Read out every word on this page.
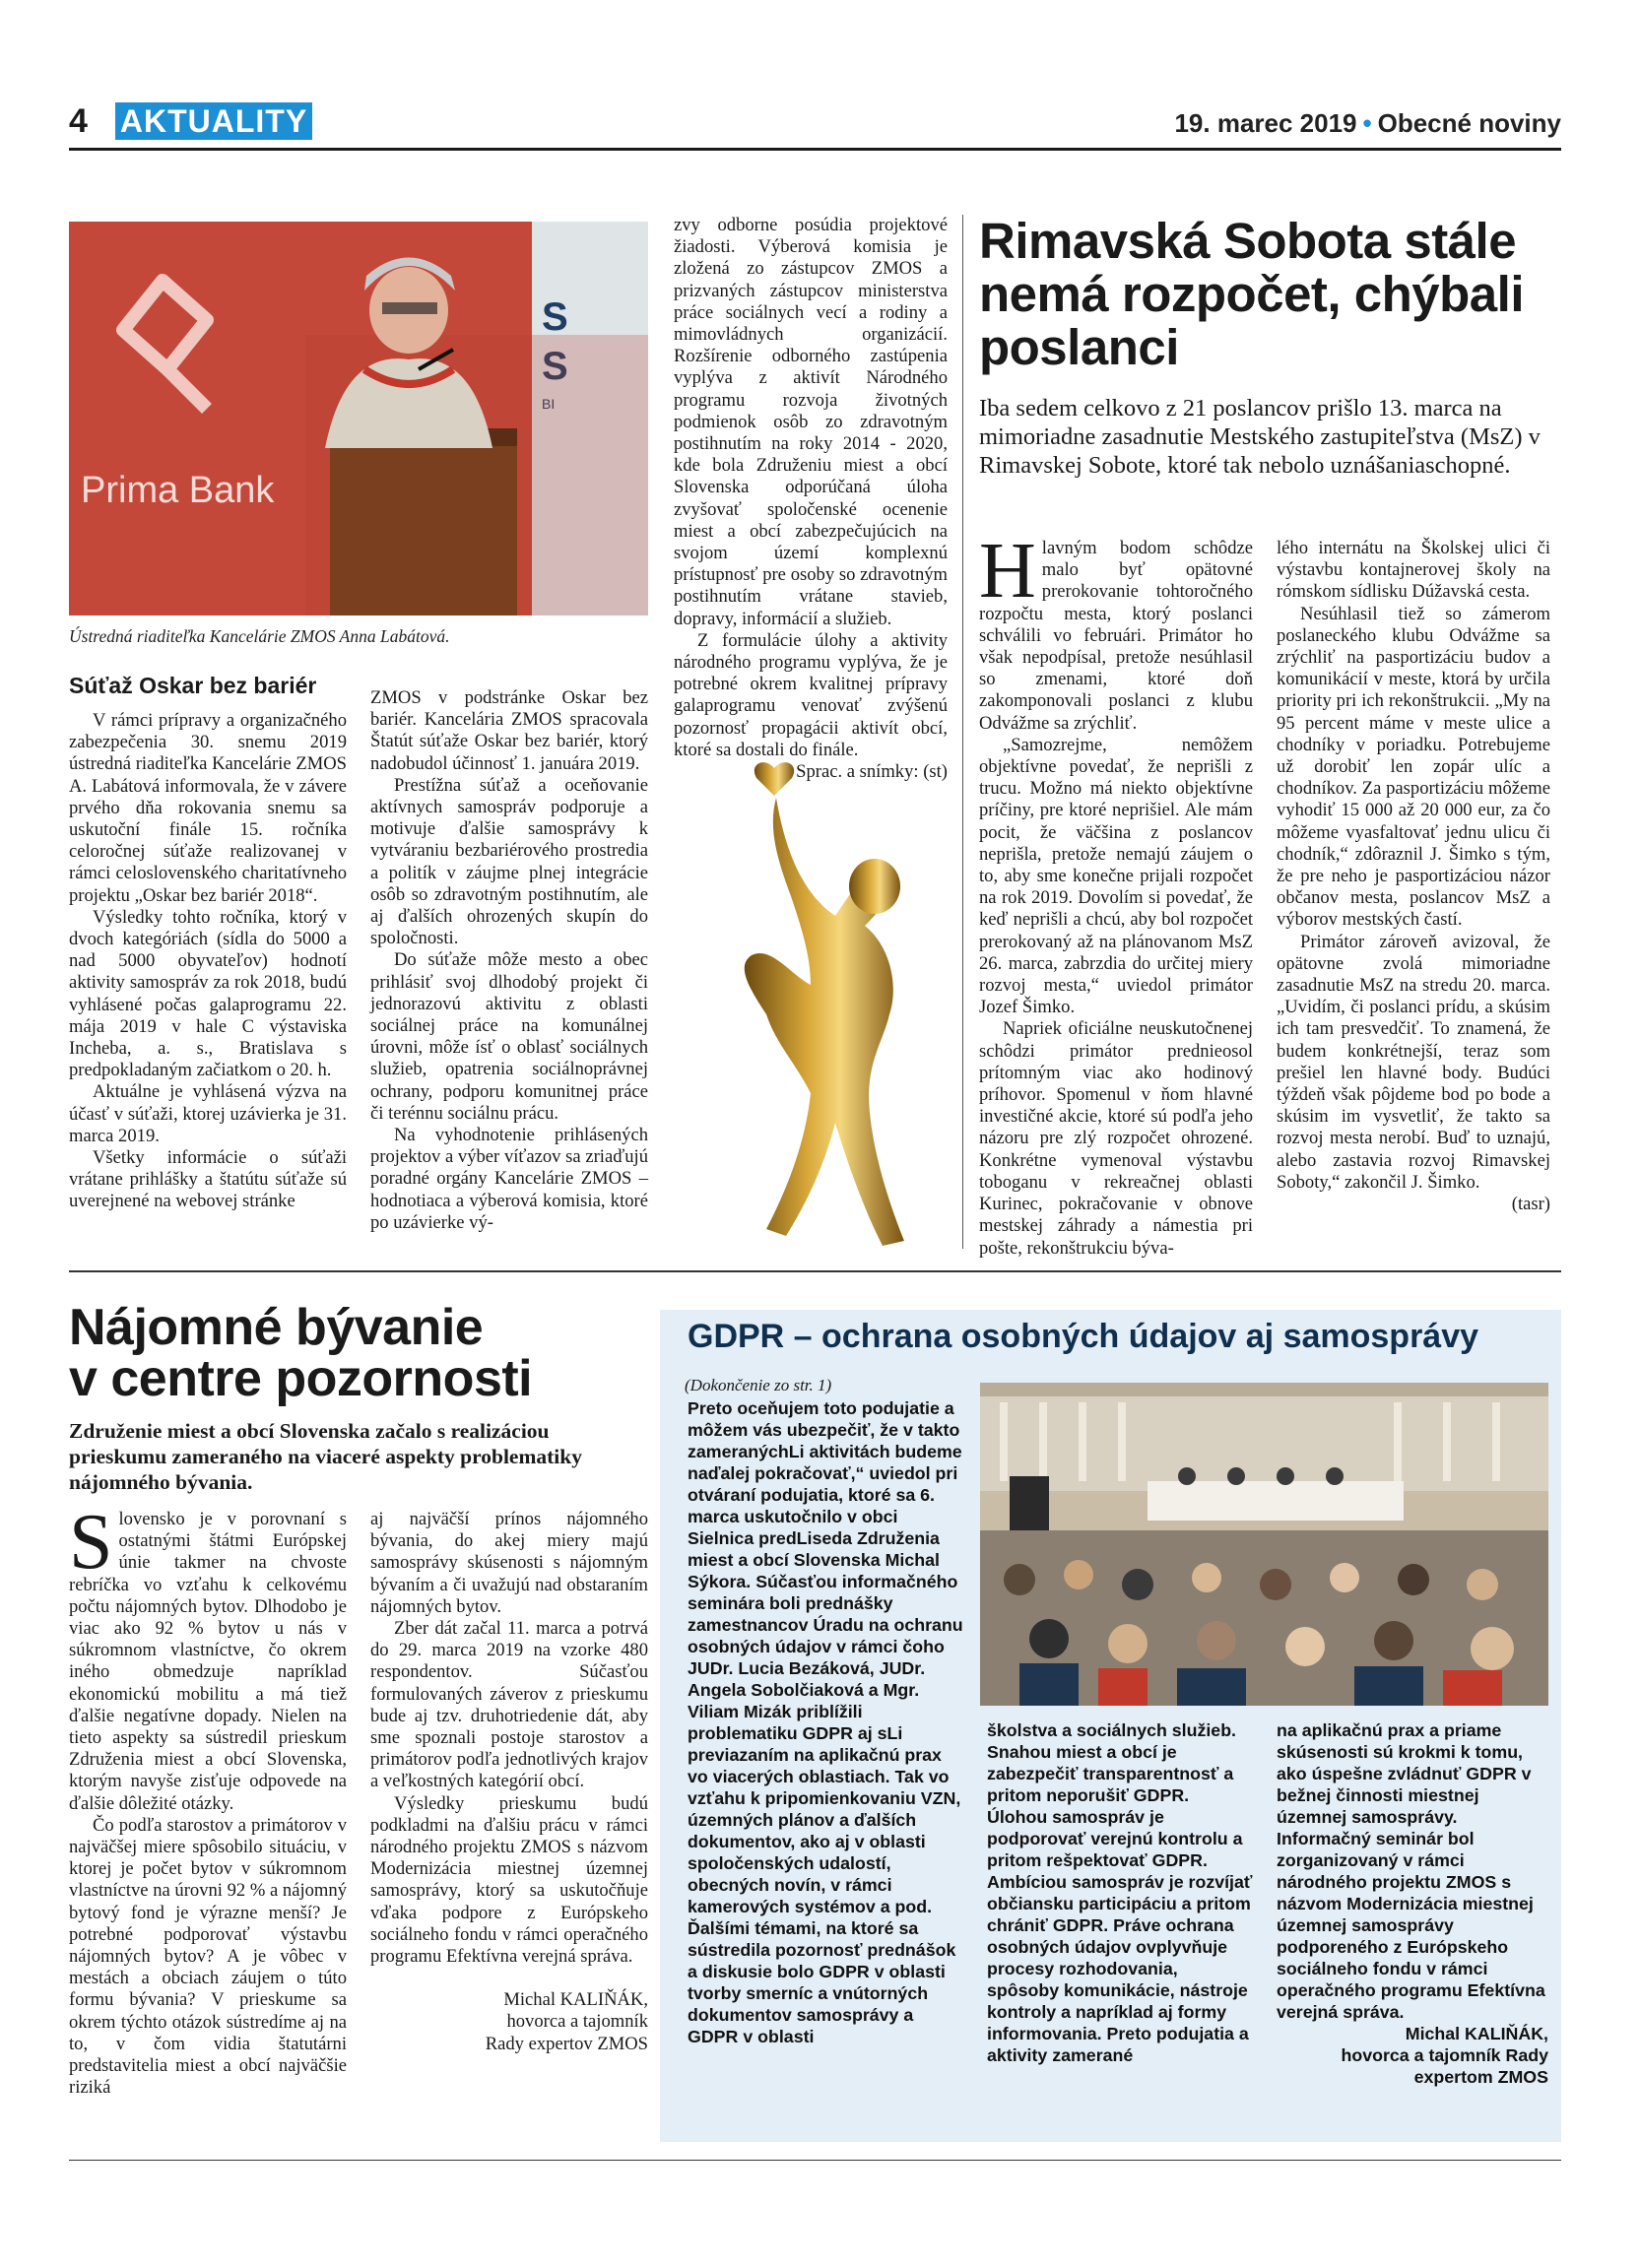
4 AKTUALITY	19. marec 2019 • Obecné noviny
S
S
BI
Prima Bank
Ústredná riaditeľka Kancelárie ZMOS Anna Labátová.
Súťaž Oskar bez bariér

V rámci prípravy a organizačného zabezpečenia 30. snemu 2019 ústredná riaditeľka Kancelárie ZMOS A. Labátová informovala, že v závere prvého dňa rokovania snemu sa uskutoční finále 15. ročníka celoročnej súťaže realizovanej v rámci celoslovenského charitatívneho projektu „Oskar bez bariér 2018“.

Výsledky tohto ročníka, ktorý v dvoch kategóriách (sídla do 5000 a nad 5000 obyvateľov) hodnotí aktivity samospráv za rok 2018, budú vyhlásené počas galaprogramu 22. mája 2019 v hale C výstaviska Incheba, a. s., Bratislava s predpokladaným začiatkom o 20. h.

Aktuálne je vyhlásená výzva na účasť v súťaži, ktorej uzávierka je 31. marca 2019.

Všetky informácie o súťaži vrátane prihlášky a štatútu súťaže sú uverejnené na webovej stránke

ZMOS v podstránke Oskar bez bariér. Kancelária ZMOS spracovala Štatút súťaže Oskar bez bariér, ktorý nadobudol účinnosť 1. januára 2019.

Prestížna súťaž a oceňovanie aktívnych samospráv podporuje a motivuje ďalšie samosprávy k vytváraniu bezbariérového prostredia a politík v záujme plnej integrácie osôb so zdravotným postihnutím, ale aj ďalších ohrozených skupín do spoločnosti.

Do súťaže môže mesto a obec prihlásiť svoj dlhodobý projekt či jednorazovú aktivitu z oblasti sociálnej práce na komunálnej úrovni, môže ísť o oblasť sociálnych služieb, opatrenia sociálnoprávnej ochrany, podporu komunitnej práce či terénnu sociálnu prácu.

Na vyhodnotenie prihlásených projektov a výber víťazov sa zriaďujú poradné orgány Kancelárie ZMOS – hodnotiaca a výberová komisia, ktoré po uzávierke vý-

zvy odborne posúdia projektové žiadosti. Výberová komisia je zložená zo zástupcov ZMOS a prizvaných zástupcov ministerstva práce sociálnych vecí a rodiny a mimovládnych organizácií. Rozšírenie odborného zastúpenia vyplýva z aktivít Národného programu rozvoja životných podmienok osôb zo zdravotným postihnutím na roky 2014 - 2020, kde bola Združeniu miest a obcí Slovenska odporúčaná úloha zvyšovať spoločenské ocenenie miest a obcí zabezpečujúcich na svojom území komplexnú prístupnosť pre osoby so zdravotným postihnutím vrátane stavieb, dopravy, informácií a služieb.

Z formulácie úlohy a aktivity národného programu vyplýva, že je potrebné okrem kvalitnej prípravy galaprogramu venovať zvýšenú pozornosť propagácii aktivít obcí, ktoré sa dostali do finále.

Sprac. a snímky: (st)

Rimavská Sobota stále nemá rozpočet, chýbali poslanci
Iba sedem celkovo z 21 poslancov prišlo 13. marca na mimoriadne zasadnutie Mestského zastupiteľstva (MsZ) v Rimavskej Sobote, ktoré tak nebolo uznášaniaschopné.

Hlavným bodom schôdze malo byť opätovné prerokovanie tohtoročného rozpočtu mesta, ktorý poslanci schválili vo februári. Primátor ho však nepodpísal, pretože nesúhlasil so zmenami, ktoré doň zakomponovali poslanci z klubu Odvážme sa zrýchliť.

„Samozrejme, nemôžem objektívne povedať, že neprišli z trucu. Možno má niekto objektívne príčiny, pre ktoré neprišiel. Ale mám pocit, že väčšina z poslancov neprišla, pretože nemajú záujem o to, aby sme konečne prijali rozpočet na rok 2019. Dovolím si povedať, že keď neprišli a chcú, aby bol rozpočet prerokovaný až na plánovanom MsZ 26. marca, zabrzdia do určitej miery rozvoj mesta,“ uviedol primátor Jozef Šimko.

Napriek oficiálne neuskutočnenej schôdzi primátor prednieosol prítomným viac ako hodinový príhovor. Spomenul v ňom hlavné investičné akcie, ktoré sú podľa jeho názoru pre zlý rozpočet ohrozené. Konkrétne vymenoval výstavbu toboganu v rekreačnej oblasti Kurinec, pokračovanie v obnove mestskej záhrady a námestia pri pošte, rekonštrukciu býva-

lého internátu na Školskej ulici či výstavbu kontajnerovej školy na rómskom sídlisku Dúžavská cesta.

Nesúhlasil tiež so zámerom poslaneckého klubu Odvážme sa zrýchliť na pasportizáciu budov a komunikácií v meste, ktorá by určila priority pri ich rekonštrukcii. „My na 95 percent máme v meste ulice a chodníky v poriadku. Potrebujeme už dorobiť len zopár ulíc a chodníkov. Za pasportizáciu môžeme vyhodiť 15 000 až 20 000 eur, za čo môžeme vyasfaltovať jednu ulicu či chodník,“ zdôraznil J. Šimko s tým, že pre neho je pasportizáciou názor občanov mesta, poslancov MsZ a výborov mestských častí.

Primátor zároveň avizoval, že opätovne zvolá mimoriadne zasadnutie MsZ na stredu 20. marca. „Uvidím, či poslanci prídu, a skúsim ich tam presvedčiť. To znamená, že budem konkrétnejší, teraz som prešiel len hlavné body. Budúci týždeň však pôjdeme bod po bode a skúsim im vysvetliť, že takto sa rozvoj mesta nerobí. Buď to uznajú, alebo zastavia rozvoj Rimavskej Soboty,“ zakončil J. Šimko.

(tasr)

Nájomné bývanie
v centre pozornosti
Združenie miest a obcí Slovenska začalo s realizáciou prieskumu zameraného na viaceré aspekty problematiky nájomného bývania.

Slovensko je v porovnaní s ostatnými štátmi Európskej únie takmer na chvoste rebríčka vo vzťahu k celkovému počtu nájomných bytov. Dlhodobo je viac ako 92 % bytov u nás v súkromnom vlastníctve, čo okrem iného obmedzuje napríklad ekonomickú mobilitu a má tiež ďalšie negatívne dopady. Nielen na tieto aspekty sa sústredil prieskum Združenia miest a obcí Slovenska, ktorým navyše zisťuje odpovede na ďalšie dôležité otázky.

Čo podľa starostov a primátorov v najväčšej miere spôsobilo situáciu, v ktorej je počet bytov v súkromnom vlastníctve na úrovni 92 % a nájomný bytový fond je výrazne menší? Je potrebné podporovať výstavbu nájomných bytov? A je vôbec v mestách a obciach záujem o túto formu bývania? V prieskume sa okrem týchto otázok sústredíme aj na to, v čom vidia štatutárni predstavitelia miest a obcí najväčšie riziká

aj najväčší prínos nájomného bývania, do akej miery majú samosprávy skúsenosti s nájomným bývaním a či uvažujú nad obstaraním nájomných bytov.

Zber dát začal 11. marca a potrvá do 29. marca 2019 na vzorke 480 respondentov. Súčasťou formulovaných záverov z prieskumu bude aj tzv. druhotriedenie dát, aby sme spoznali postoje starostov a primátorov podľa jednotlivých krajov a veľkostných kategórií obcí.

Výsledky prieskumu budú podkladmi na ďalšiu prácu v rámci národného projektu ZMOS s názvom Modernizácia miestnej územnej samosprávy, ktorý sa uskutočňuje vďaka podpore z Európskeho sociálneho fondu v rámci operačného programu Efektívna verejná správa.

Michal KALIŇÁK,
hovorca a tajomník
Rady expertov ZMOS
GDPR – ochrana osobných údajov aj samosprávy
(Dokončenie zo str. 1)

Preto oceňujem toto podujatie a môžem vás ubezpečiť, že v takto zameranýchLi aktivitách budeme naďalej pokračovať,“ uviedol pri otváraní podujatia, ktoré sa 6. marca uskutočnilo v obci Sielnica predLiseda Združenia miest a obcí Slovenska Michal Sýkora. Súčasťou informačného seminára boli prednášky zamestnancov Úradu na ochranu osobných údajov v rámci čoho JUDr. Lucia Bezáková, JUDr. Angela Sobolčiaková a Mgr. Viliam Mizák priblížili problematiku GDPR aj sLi previazaním na aplikačnú prax vo viacerých oblastiach. Tak vo vzťahu k pripomienkovaniu VZN, územných plánov a ďalších dokumentov, ako aj v oblasti spoločenských udalostí, obecných novín, v rámci kamerových systémov a pod. Ďalšími témami, na ktoré sa sústredila pozornosť prednášok a diskusie bolo GDPR v oblasti tvorby smerníc a vnútorných dokumentov samosprávy a GDPR v oblasti

školstva a sociálnych služieb. Snahou miest a obcí je zabezpečiť transparentnosť a pritom neporušiť GDPR. Úlohou samospráv je podporovať verejnú kontrolu a pritom rešpektovať GDPR. Ambíciou samospráv je rozvíjať občiansku participáciu a pritom chrániť GDPR. Práve ochrana osobných údajov ovplyvňuje procesy rozhodovania, spôsoby komunikácie, nástroje kontroly a napríklad aj formy informovania. Preto podujatia a aktivity zamerané

na aplikačnú prax a priame skúsenosti sú krokmi k tomu, ako úspešne zvládnuť GDPR v bežnej činnosti miestnej územnej samosprávy. Informačný seminár bol zorganizovaný v rámci národného projektu ZMOS s názvom Modernizácia miestnej územnej samosprávy podporeného z Európskeho sociálneho fondu v rámci operačného programu Efektívna verejná správa.

Michal KALIŇÁK,
hovorca a tajomník Rady
expertom ZMOS
